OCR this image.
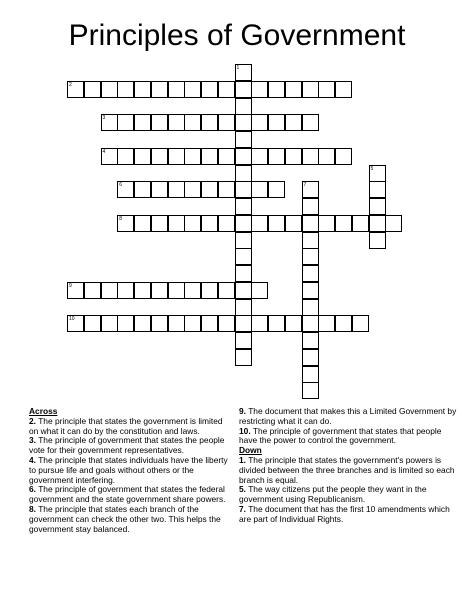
Principles of Government
1
2
3
4
5
6	7
8
9
10
Across

2. The principle that states the government is limited on what it can do by the constitution and laws.

3. The principle of government that states the people vote for their government representatives.

4. The principle that states individuals have the liberty to pursue life and goals without others or the government interfering.

6. The principle of government that states the federal government and the state government share powers.

8. The principle that states each branch of the government can check the other two. This helps the government stay balanced.

9. The document that makes this a Limited Government by restricting what it can do.

10. The principle of government that states that people have the power to control the government.

Down

1. The principle that states the government's powers is divided between the three branches and is limited so each branch is equal.

5. The way citizens put the people they want in the government using Republicanism.

7. The document that has the first 10 amendments which are part of Individual Rights.
